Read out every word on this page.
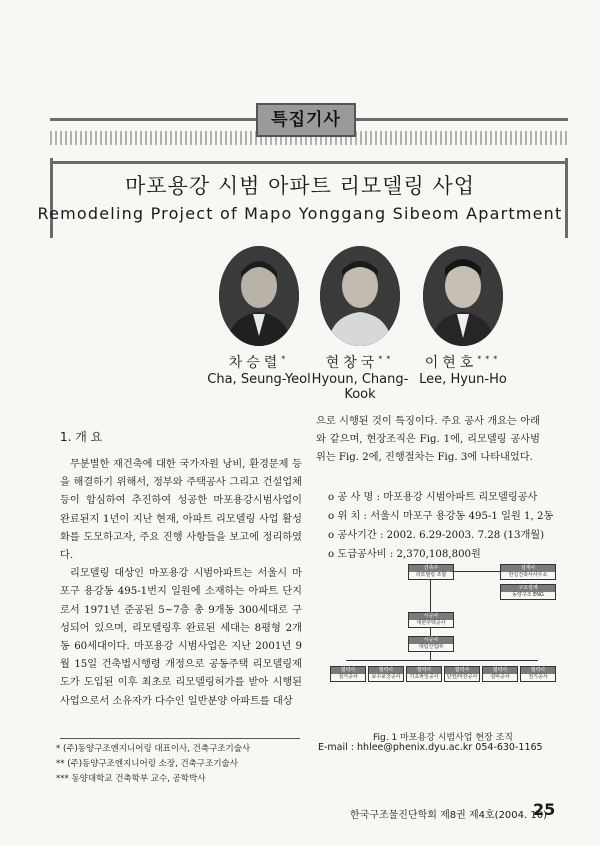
특집기사
마포용강 시범 아파트 리모델링 사업
Remodeling Project of Mapo Yonggang Sibeom Apartment
차승렬*
Cha, Seung-Yeol
현창국**
Hyoun, Chang-Kook
이현호***
Lee, Hyun-Ho
1. 개 요

무분별한 재건축에 대한 국가자원 낭비, 환경문제 등을 해결하기 위해서, 정부와 주택공사 그리고 건설업체 등이 합심하여 추진하여 성공한 마포용강시범사업이 완료된지 1년이 지난 현재, 아파트 리모델링 사업 활성화를 도모하고자, 주요 진행 사항들을 보고에 정리하였다.

리모델링 대상인 마포용강 시범아파트는 서울시 마포구 용강동 495-1번지 일원에 소재하는 아파트 단지로서 1971년 준공된 5~7층 총 9개동 300세대로 구성되어 있으며, 리모델링후 완료된 세대는 8평형 2개동 60세대이다. 마포용강 시범사업은 지난 2001년 9월 15일 건축법시행령 개정으로 공동주택 리모델링제도가 도입된 이후 최초로 리모델링허가를 받아 시행된 사업으로서 소유자가 다수인 일반분양 아파트를 대상

으로 시행된 것이 특징이다. 주요 공사 개요는 아래와 같으며, 현장조직은 Fig. 1에, 리모델링 공사범위는 Fig. 2에, 진행절차는 Fig. 3에 나타내었다.

o 공 사 명 : 마포용강 시범아파트 리모델링공사
o 위 치 : 서울시 마포구 용강동 495-1 일원 1, 2동
o 공사기간 : 2002. 6.29-2003. 7.28 (13개월)
o 도급공사비 : 2,370,108,800원
건축주
리모델링 조합
설계사
한길건축사사무소
구조설계
동양구조 ENG
시공사
대한주택공사
시공사
대림산업㈜
협력사
철거공사
협력사
보수보강공사
협력사
기초파일공사
협력사
단열/마감공사
협력사
설비공사
협력사
전기공사
Fig. 1 마포용강 시범사업 현장 조직
* (주)동양구조엔지니어링 대표이사, 건축구조기술사
** (주)동양구조엔지니어링 소장, 건축구조기술사
*** 동양대학교 건축학부 교수, 공학박사
E-mail : hhlee@phenix.dyu.ac.kr 054-630-1165
한국구조물진단학회 제8권 제4호(2004. 10)
25
